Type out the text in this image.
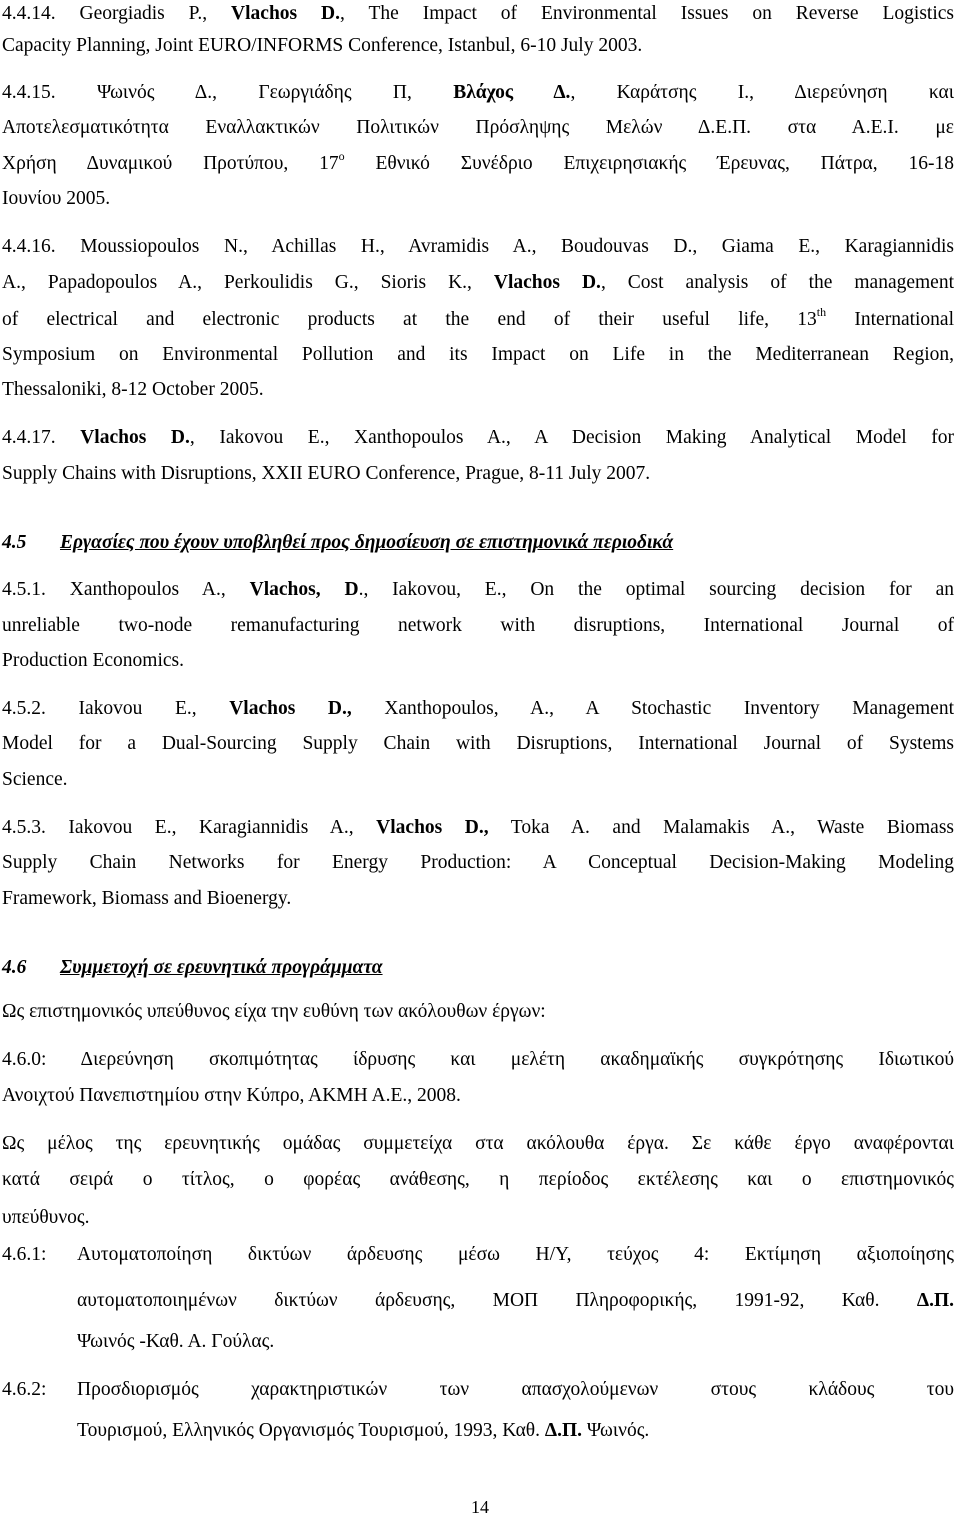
4.4.14. Georgiadis P., Vlachos D., The Impact of Environmental Issues on Reverse Logistics
Capacity Planning, Joint EURO/INFORMS Conference, Istanbul, 6-10 July 2003.
4.4.15. Ψωινός Δ., Γεωργιάδης Π, Βλάχος Δ., Καράτσης Ι., Διερεύνηση και
Αποτελεσματικότητα Εναλλακτικών Πολιτικών Πρόσληψης Μελών Δ.Ε.Π. στα Α.Ε.Ι. με
Χρήση Δυναμικού Προτύπου, $17^o$ Εθνικό Συνέδριο Επιχειρησιακής Έρευνας, Πάτρα, 16-18
Ιουνίου 2005.
4.4.16. Moussiopoulos N., Achillas H., Avramidis A., Boudouvas D., Giama E., Karagiannidis
A., Papadopoulos A., Perkoulidis G., Sioris K., Vlachos D., Cost analysis of the management
of electrical and electronic products at the end of their useful life, 13th International
Symposium on Environmental Pollution and its Impact on Life in the Mediterranean Region,
Thessaloniki, 8-12 October 2005.
4.4.17. Vlachos D., Iakovou E., Xanthopoulos A., A Decision Making Analytical Model for
Supply Chains with Disruptions, XXII EURO Conference, Prague, 8-11 July 2007.
4.5 Εργασίες που έχουν υποβληθεί προς δημοσίευση σε επιστημονικά περιοδικά
4.5.1. Xanthopoulos A., Vlachos, D., Iakovou, E., On the optimal sourcing decision for an
unreliable two-node remanufacturing network with disruptions, International Journal of
Production Economics.
4.5.2. Iakovou E., Vlachos D., Xanthopoulos, A., A Stochastic Inventory Management
Model for a Dual-Sourcing Supply Chain with Disruptions, International Journal of Systems
Science.
4.5.3. Iakovou E., Karagiannidis A., Vlachos D., Toka A. and Malamakis A., Waste Biomass
Supply Chain Networks for Energy Production: A Conceptual Decision-Making Modeling
Framework, Biomass and Bioenergy.
4.6 Συμμετοχή σε ερευνητικά προγράμματα
Ως επιστημονικός υπεύθυνος είχα την ευθύνη των ακόλουθων έργων:
4.6.0: Διερεύνηση σκοπιμότητας ίδρυσης και μελέτη ακαδημαϊκής συγκρότησης Ιδιωτικού
Ανοιχτού Πανεπιστημίου στην Κύπρο, ΑΚΜΗ Α.Ε., 2008.
Ως μέλος της ερευνητικής ομάδας συμμετείχα στα ακόλουθα έργα. Σε κάθε έργο αναφέρονται
κατά σειρά ο τίτλος, ο φορέας ανάθεσης, η περίοδος εκτέλεσης και ο επιστημονικός
υπεύθυνος.
4.6.1:	Αυτοματοποίηση δικτύων άρδευσης μέσω Η/Υ, τεύχος 4: Εκτίμηση αξιοποίησης
αυτοματοποιημένων δικτύων άρδευσης, ΜΟΠ Πληροφορικής, 1991-92, Καθ. Δ.Π.
Ψωινός -Καθ. Α. Γούλας.
4.6.2:	Προσδιορισμός χαρακτηριστικών των απασχολούμενων στους κλάδους του
Τουρισμού, Ελληνικός Οργανισμός Τουρισμού, 1993, Καθ. Δ.Π. Ψωινός.
14
